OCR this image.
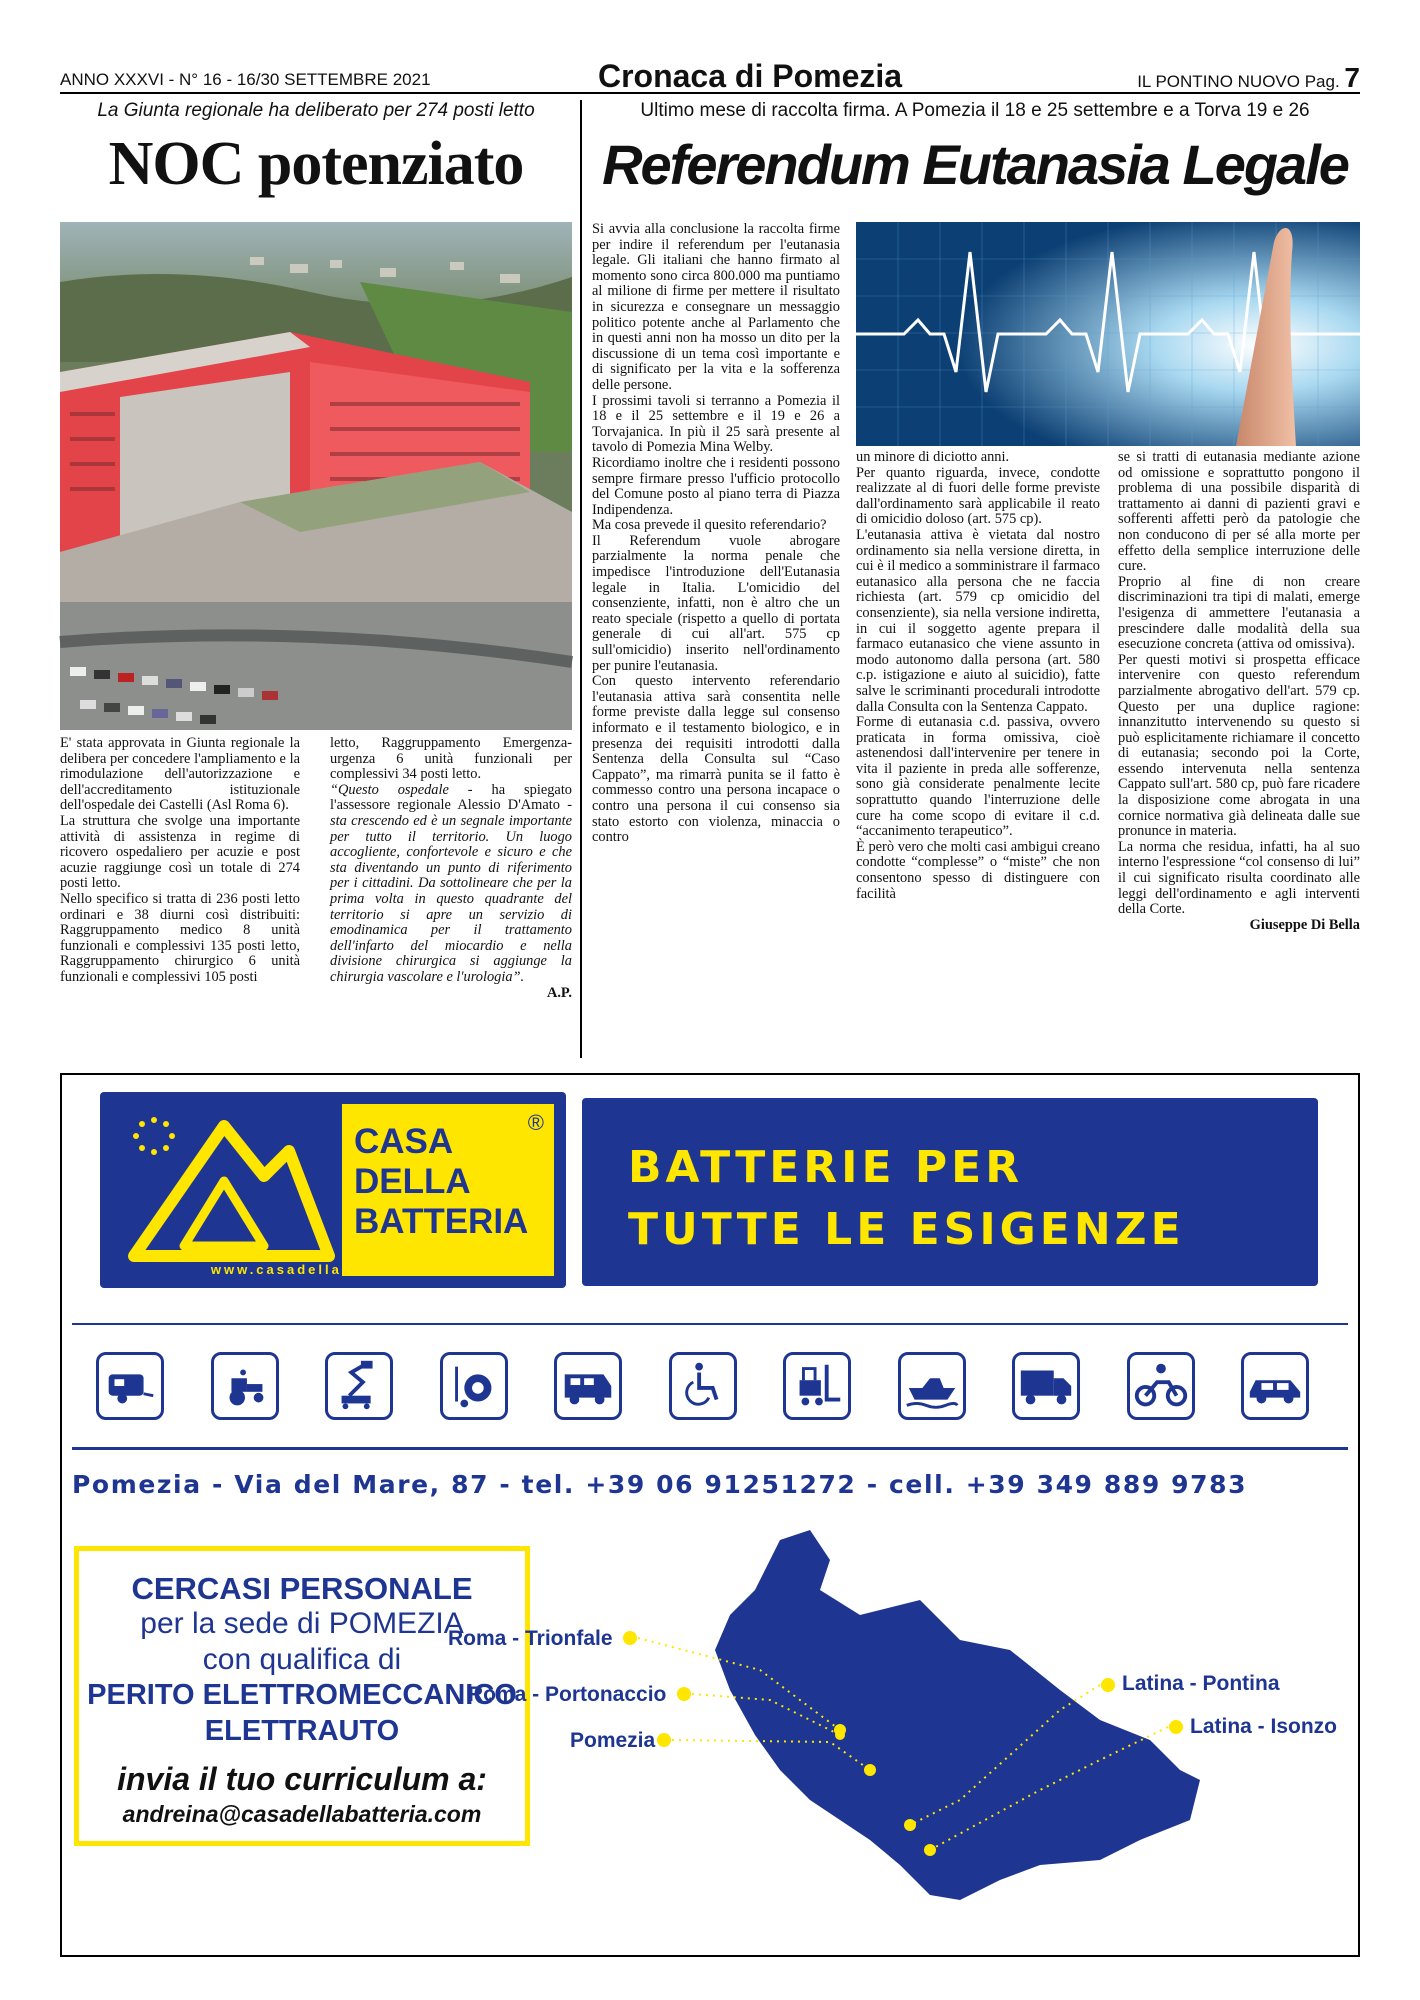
ANNO XXXVI - N° 16 - 16/30 SETTEMBRE 2021	Cronaca di Pomezia	IL PONTINO NUOVO Pag. 7
La Giunta regionale ha deliberato per 274 posti letto
NOC potenziato
Ultimo mese di raccolta firma. A Pomezia il 18 e 25 settembre e a Torva 19 e 26
Referendum Eutanasia Legale

E' stata approvata in Giunta regionale la delibera per concedere l'ampliamento e la rimodulazione dell'autorizzazione e dell'accreditamento istituzionale dell'ospedale dei Castelli (Asl Roma 6).

La struttura che svolge una importante attività di assistenza in regime di ricovero ospedaliero per acuzie e post acuzie raggiunge così un totale di 274 posti letto.

Nello specifico si tratta di 236 posti letto ordinari e 38 diurni così distribuiti: Raggruppamento medico 8 unità funzionali e complessivi 135 posti letto, Raggruppamento chirurgico 6 unità funzionali e complessivi 105 posti

letto, Raggruppamento Emergenza-urgenza 6 unità funzionali per complessivi 34 posti letto.

“Questo ospedale - ha spiegato l'assessore regionale Alessio D'Amato - sta crescendo ed è un segnale importante per tutto il territorio. Un luogo accogliente, confortevole e sicuro e che sta diventando un punto di riferimento per i cittadini. Da sottolineare che per la prima volta in questo quadrante del territorio si apre un servizio di emodinamica per il trattamento dell'infarto del miocardio e nella divisione chirurgica si aggiunge la chirurgia vascolare e l'urologia”.

A.P.

Si avvia alla conclusione la raccolta firme per indire il referendum per l'eutanasia legale. Gli italiani che hanno firmato al momento sono circa 800.000 ma puntiamo al milione di firme per mettere il risultato in sicurezza e consegnare un messaggio politico potente anche al Parlamento che in questi anni non ha mosso un dito per la discussione di un tema così importante e di significato per la vita e la sofferenza delle persone.

I prossimi tavoli si terranno a Pomezia il 18 e il 25 settembre e il 19 e 26 a Torvajanica. In più il 25 sarà presente al tavolo di Pomezia Mina Welby.

Ricordiamo inoltre che i residenti possono sempre firmare presso l'ufficio protocollo del Comune posto al piano terra di Piazza Indipendenza.

Ma cosa prevede il quesito referendario?

Il Referendum vuole abrogare parzialmente la norma penale che impedisce l'introduzione dell'Eutanasia legale in Italia. L'omicidio del consenziente, infatti, non è altro che un reato speciale (rispetto a quello di portata generale di cui all'art. 575 cp sull'omicidio) inserito nell'ordinamento per punire l'eutanasia.

Con questo intervento referendario l'eutanasia attiva sarà consentita nelle forme previste dalla legge sul consenso informato e il testamento biologico, e in presenza dei requisiti introdotti dalla Sentenza della Consulta sul “Caso Cappato”, ma rimarrà punita se il fatto è commesso contro una persona incapace o contro una persona il cui consenso sia stato estorto con violenza, minaccia o contro

un minore di diciotto anni.

Per quanto riguarda, invece, condotte realizzate al di fuori delle forme previste dall'ordinamento sarà applicabile il reato di omicidio doloso (art. 575 cp).

L'eutanasia attiva è vietata dal nostro ordinamento sia nella versione diretta, in cui è il medico a somministrare il farmaco eutanasico alla persona che ne faccia richiesta (art. 579 cp omicidio del consenziente), sia nella versione indiretta, in cui il soggetto agente prepara il farmaco eutanasico che viene assunto in modo autonomo dalla persona (art. 580 c.p. istigazione e aiuto al suicidio), fatte salve le scriminanti procedurali introdotte dalla Consulta con la Sentenza Cappato.

Forme di eutanasia c.d. passiva, ovvero praticata in forma omissiva, cioè astenendosi dall'intervenire per tenere in vita il paziente in preda alle sofferenze, sono già considerate penalmente lecite soprattutto quando l'interruzione delle cure ha come scopo di evitare il c.d. “accanimento terapeutico”.

È però vero che molti casi ambigui creano condotte “complesse” o “miste” che non consentono spesso di distinguere con facilità

se si tratti di eutanasia mediante azione od omissione e soprattutto pongono il problema di una possibile disparità di trattamento ai danni di pazienti gravi e sofferenti affetti però da patologie che non conducono di per sé alla morte per effetto della semplice interruzione delle cure.

Proprio al fine di non creare discriminazioni tra tipi di malati, emerge l'esigenza di ammettere l'eutanasia a prescindere dalle modalità della sua esecuzione concreta (attiva od omissiva).

Per questi motivi si prospetta efficace intervenire con questo referendum parzialmente abrogativo dell'art. 579 cp. Questo per una duplice ragione: innanzitutto intervenendo su questo si può esplicitamente richiamare il concetto di eutanasia; secondo poi la Corte, essendo intervenuta nella sentenza Cappato sull'art. 580 cp, può fare ricadere la disposizione come abrogata in una cornice normativa già delineata dalle sue pronunce in materia.

La norma che residua, infatti, ha al suo interno l'espressione “col consenso di lui” il cui significato risulta coordinato alle leggi dell'ordinamento e agli interventi della Corte.

Giuseppe Di Bella

CASA
DELLA
BATTERIA
®
www.casadellabatteria.com
BATTERIE PER
TUTTE LE ESIGENZE
Pomezia - Via del Mare, 87 - tel. +39 06 91251272 - cell. +39 349 889 9783
CERCASI PERSONALE
per la sede di POMEZIA
con qualifica di
PERITO ELETTROMECCANICO
ELETTRAUTO
invia il tuo curriculum a:
andreina@casadellabatteria.com
Roma - Trionfale
Roma - Portonaccio
Pomezia
Latina - Pontina
Latina - Isonzo
